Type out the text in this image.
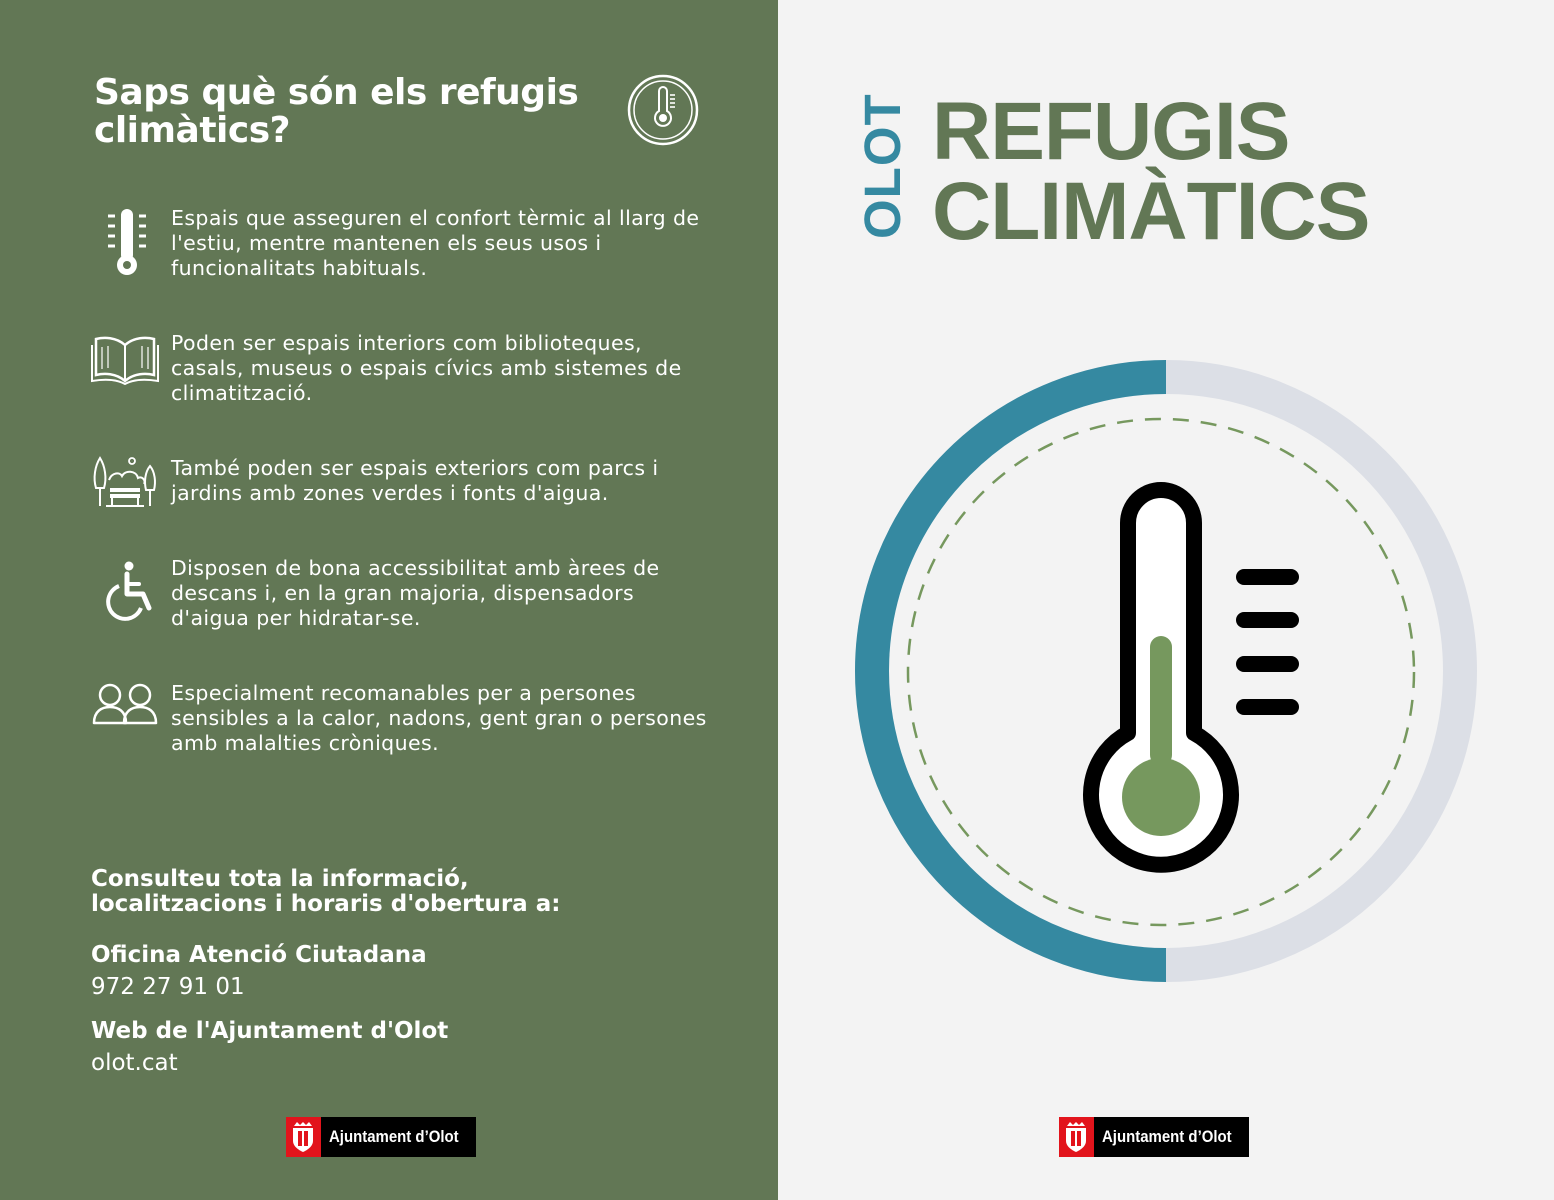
Saps què són els refugis climàtics?
Espais que asseguren el confort tèrmic al llarg de l'estiu, mentre mantenen els seus usos i funcionalitats habituals.
Poden ser espais interiors com biblioteques, casals, museus o espais cívics amb sistemes de climatització.
També poden ser espais exteriors com parcs i jardins amb zones verdes i fonts d'aigua.
Disposen de bona accessibilitat amb àrees de descans i, en la gran majoria, dispensadors d'aigua per hidratar-se.
Especialment recomanables per a persones sensibles a la calor, nadons, gent gran o persones amb malalties cròniques.
Consulteu tota la informació, localitzacions i horaris d'obertura a:
Oficina Atenció Ciutadana
972 27 91 01
Web de l'Ajuntament d'Olot
olot.cat
Ajuntament d’Olot
OLOT REFUGIS
CLIMÀTICS
Ajuntament d’Olot
